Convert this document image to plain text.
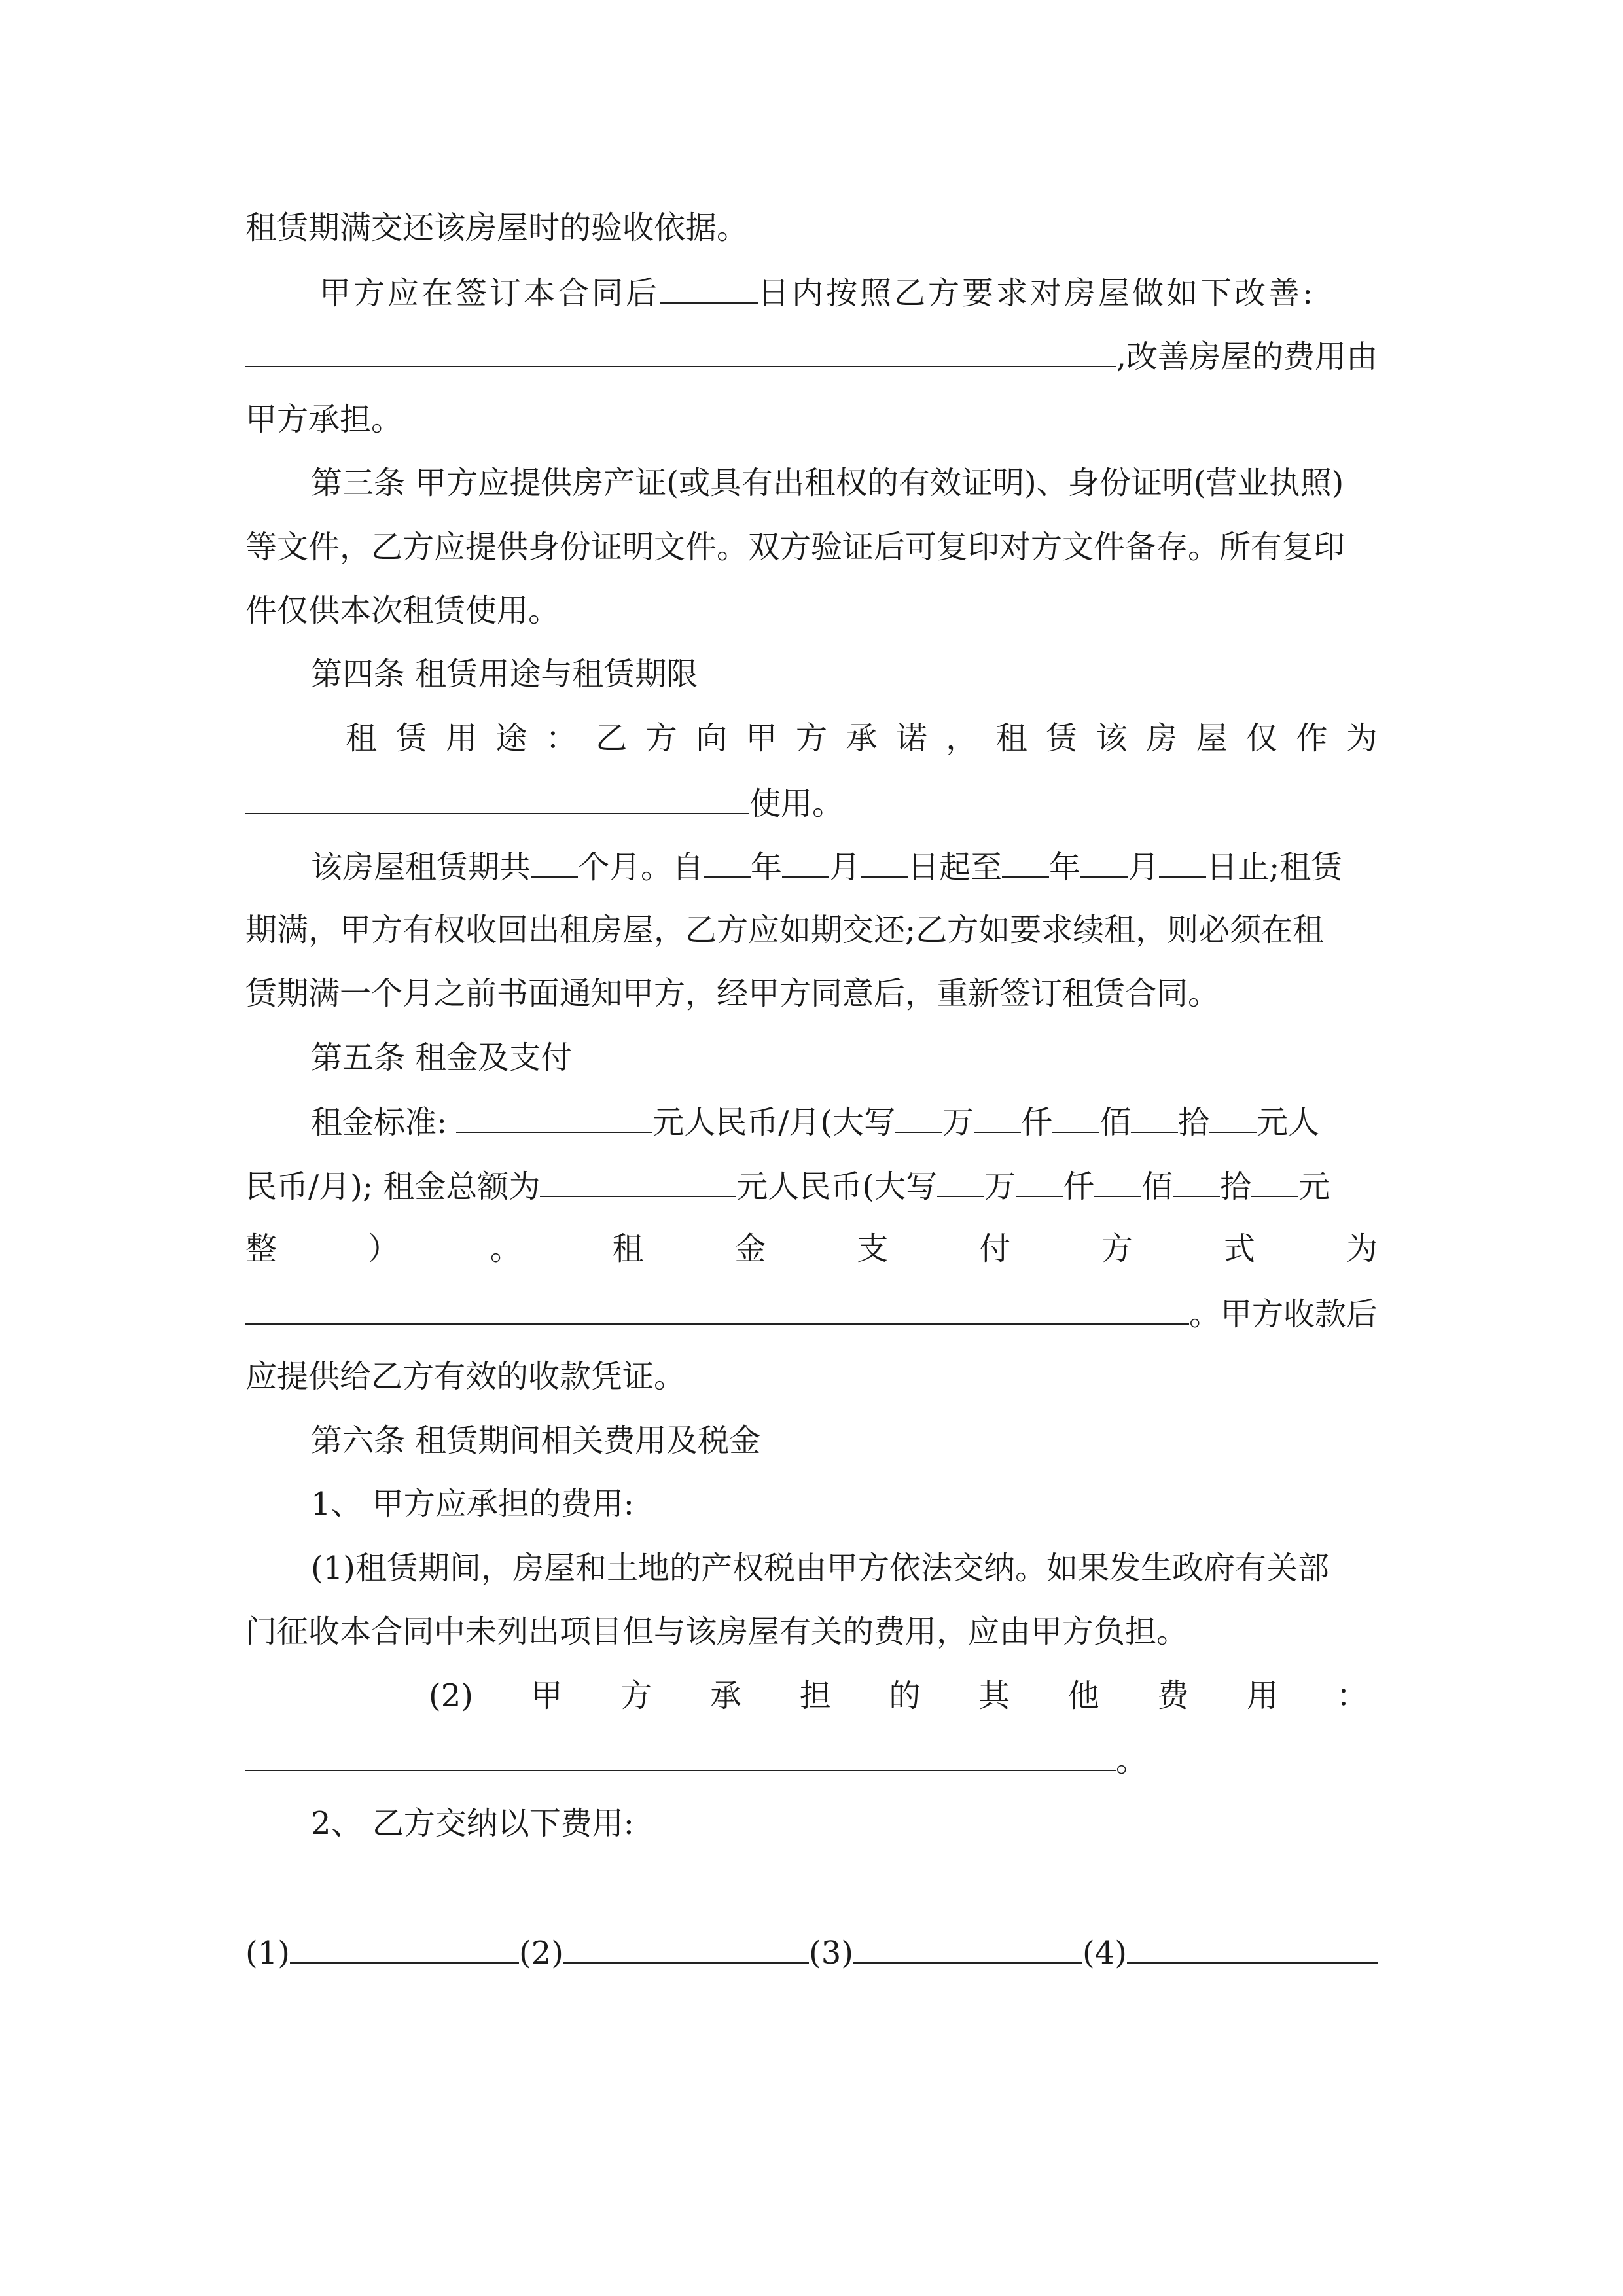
租赁期满交还该房屋时的验收依据。
甲方应在签订本合同后	日内按照乙方要求对房屋做如下改善:
,改善房屋的费用由
甲方承担。
第三条 甲方应提供房产证(或具有出租权的有效证明)、身份证明(营业执照)
等文件，乙方应提供身份证明文件。双方验证后可复印对方文件备存。所有复印
件仅供本次租赁使用。
第四条 租赁用途与租赁期限
租 赁 用 途 ： 乙 方 向 甲 方 承 诺 ， 租 赁 该 房 屋 仅 作 为
使用。
该房屋租赁期共 个月。自 年 月 日起至 年 月 日止;租赁
期满，甲方有权收回出租房屋，乙方应如期交还;乙方如要求续租，则必须在租
赁期满一个月之前书面通知甲方，经甲方同意后，重新签订租赁合同。
第五条 租金及支付
租金标准:	元人民币/月(大写 万 仟 佰 拾 元人
民币/月); 租金总额为	元人民币(大写 万 仟 佰 拾 元
整	）	。	租	金	支	付	方	式	为
。甲方收款后
应提供给乙方有效的收款凭证。
第六条 租赁期间相关费用及税金
1、 甲方应承担的费用:
(1)租赁期间，房屋和土地的产权税由甲方依法交纳。如果发生政府有关部
门征收本合同中未列出项目但与该房屋有关的费用，应由甲方负担。
(2) 甲 方 承 担 的 其 他 费 用 ：
。
2、 乙方交纳以下费用:
(1)	(2)	(3)	(4)
